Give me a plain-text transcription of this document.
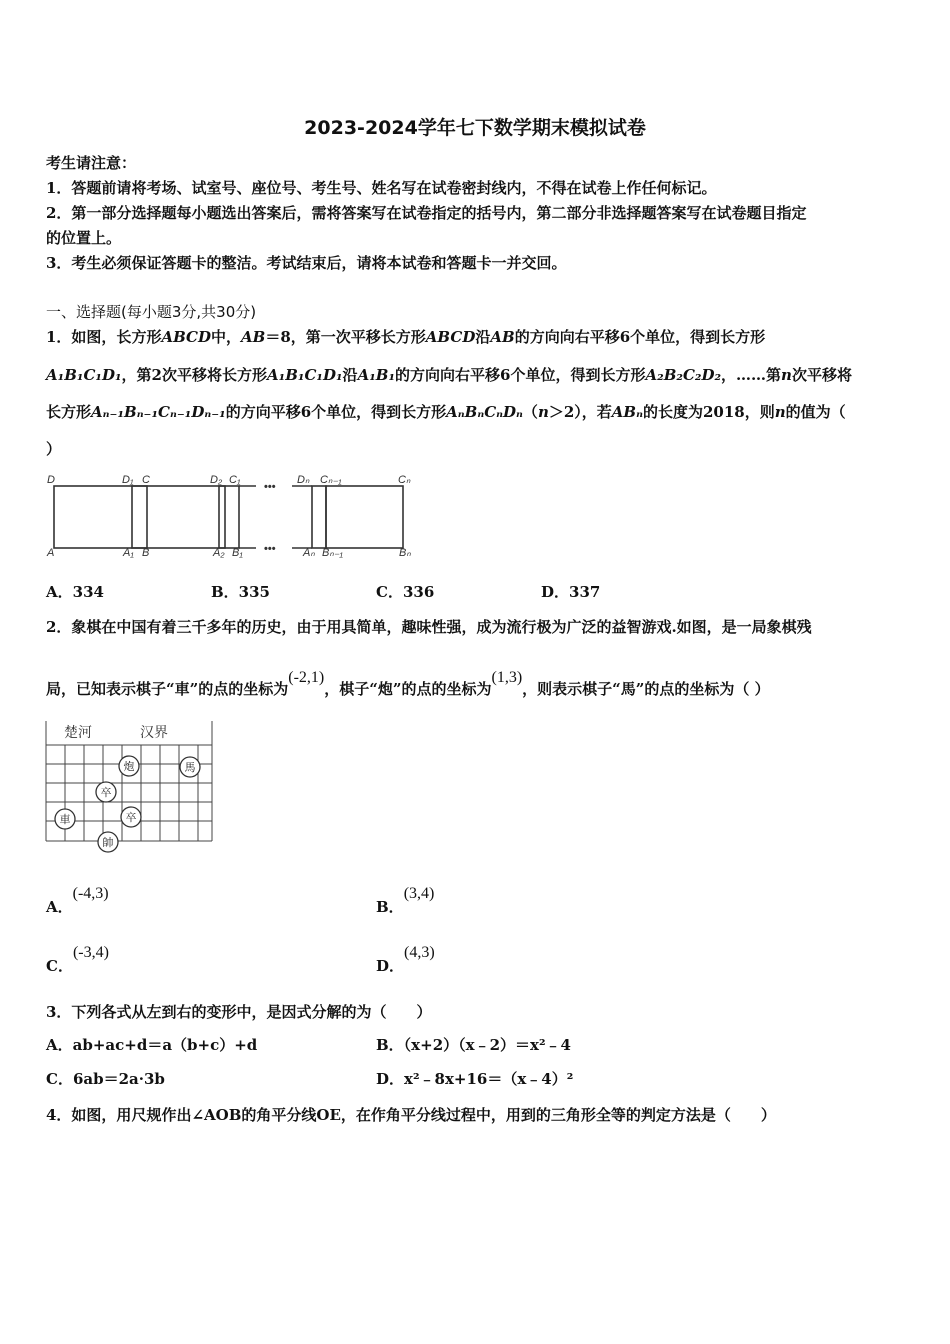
2023-2024学年七下数学期末模拟试卷
考生请注意：
1．答题前请将考场、试室号、座位号、考生号、姓名写在试卷密封线内，不得在试卷上作任何标记。
2．第一部分选择题每小题选出答案后，需将答案写在试卷指定的括号内，第二部分非选择题答案写在试卷题目指定
的位置上。
3．考生必须保证答题卡的整洁。考试结束后，请将本试卷和答题卡一并交回。
一、选择题(每小题3分,共30分)
1．如图，长方形ABCD中，AB＝8，第一次平移长方形ABCD沿AB的方向向右平移6个单位，得到长方形
A₁B₁C₁D₁，第2次平移将长方形A₁B₁C₁D₁沿A₁B₁的方向向右平移6个单位，得到长方形A₂B₂C₂D₂，……第n次平移将
长方形Aₙ₋₁Bₙ₋₁Cₙ₋₁Dₙ₋₁的方向平移6个单位，得到长方形AₙBₙCₙDₙ（n＞2），若ABₙ的长度为2018，则n的值为（
）
D	D₁ C	D₂ C₁	Dₙ Cₙ₋₁	Cₙ
A	A₁ B	A₂ B₁	Aₙ Bₙ₋₁	Bₙ
•••
•••
A．334	B．335	C．336	D．337
2．象棋在中国有着三千多年的历史，由于用具简单，趣味性强，成为流行极为广泛的益智游戏.如图，是一局象棋残
局，已知表示棋子“車”的点的坐标为(-2,1)，棋子“炮”的点的坐标为(1,3)，则表示棋子“馬”的点的坐标为（ ）
楚河	汉界
炮	馬
卒
車	卒
帥
A．(-4,3)
B．(3,4)
C．(-3,4)
D．(4,3)
3．下列各式从左到右的变形中，是因式分解的为（　　）
A．ab+ac+d＝a（b+c）+d	B．（x+2）（x﹣2）＝x²﹣4
C．6ab＝2a·3b	D．x²﹣8x+16＝（x﹣4）²
4．如图，用尺规作出∠AOB的角平分线OE，在作角平分线过程中，用到的三角形全等的判定方法是（　　）
